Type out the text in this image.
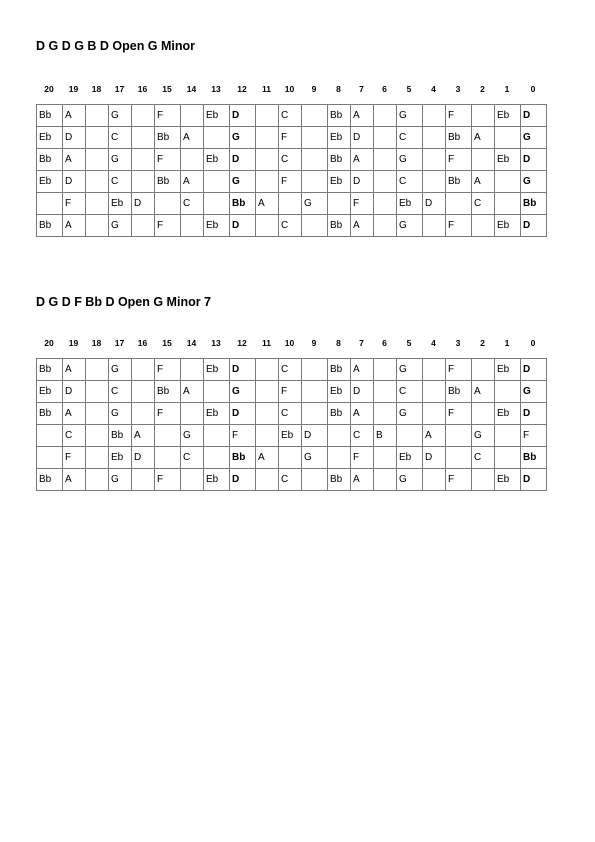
D G D G B D Open G Minor
20	19	18	17	16	15	14	13	12	11	10	9	8	7	6	5	4	3	2	1	0
Bb	A		G		F		Eb	D		C		Bb	A		G		F		Eb	D
Eb	D		C		Bb	A		G		F		Eb	D		C		Bb	A		G
Bb	A		G		F		Eb	D		C		Bb	A		G		F		Eb	D
Eb	D		C		Bb	A		G		F		Eb	D		C		Bb	A		G
	F		Eb	D		C		Bb	A		G		F		Eb	D		C		Bb
Bb	A		G		F		Eb	D		C		Bb	A		G		F		Eb	D
D G D F Bb D Open G Minor 7
20	19	18	17	16	15	14	13	12	11	10	9	8	7	6	5	4	3	2	1	0
Bb	A		G		F		Eb	D		C		Bb	A		G		F		Eb	D
Eb	D		C		Bb	A		G		F		Eb	D		C		Bb	A		G
Bb	A		G		F		Eb	D		C		Bb	A		G		F		Eb	D
	C		Bb	A		G		F		Eb	D		C	B		A		G		F
	F		Eb	D		C		Bb	A		G		F		Eb	D		C		Bb
Bb	A		G		F		Eb	D		C		Bb	A		G		F		Eb	D
